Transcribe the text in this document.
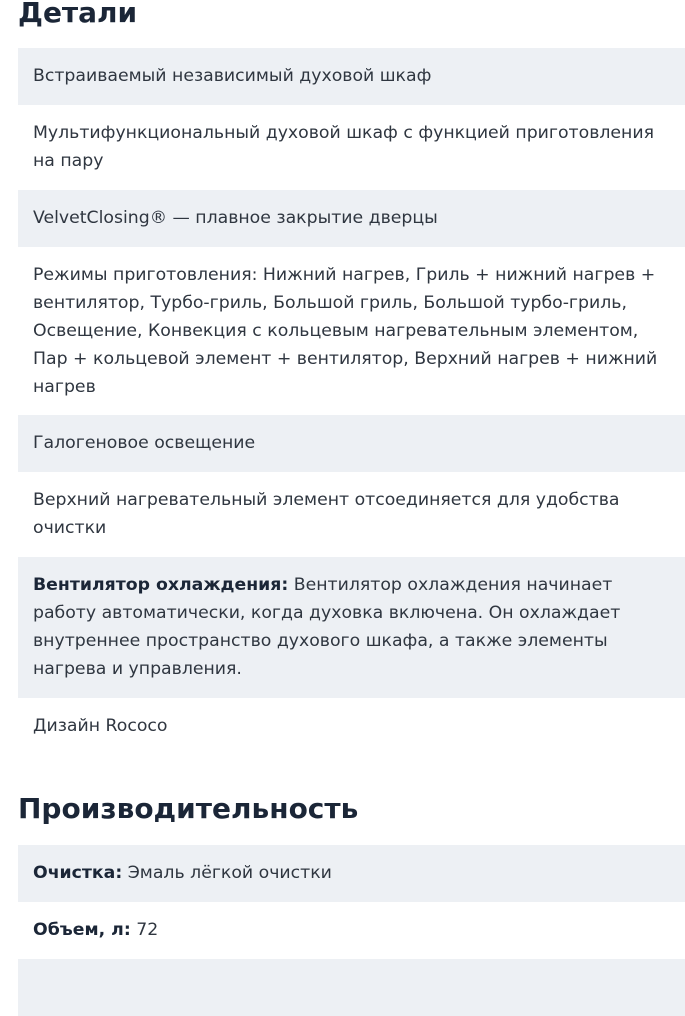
Детали
Встраиваемый независимый духовой шкаф
Мультифункциональный духовой шкаф с функцией приготовления на пару
VelvetClosing® — плавное закрытие дверцы
Режимы приготовления: Нижний нагрев, Гриль + нижний нагрев + вентилятор, Турбо-гриль, Большой гриль, Большой турбо-гриль, Освещение, Конвекция с кольцевым нагревательным элементом, Пар + кольцевой элемент + вентилятор, Верхний нагрев + нижний нагрев
Галогеновое освещение
Верхний нагревательный элемент отсоединяется для удобства очистки
Вентилятор охлаждения: Вентилятор охлаждения начинает работу автоматически, когда духовка включена. Он охлаждает внутреннее пространство духового шкафа, а также элементы нагрева и управления.
Дизайн Rococo
Производительность
Очистка: Эмаль лёгкой очистки
Объем, л: 72
